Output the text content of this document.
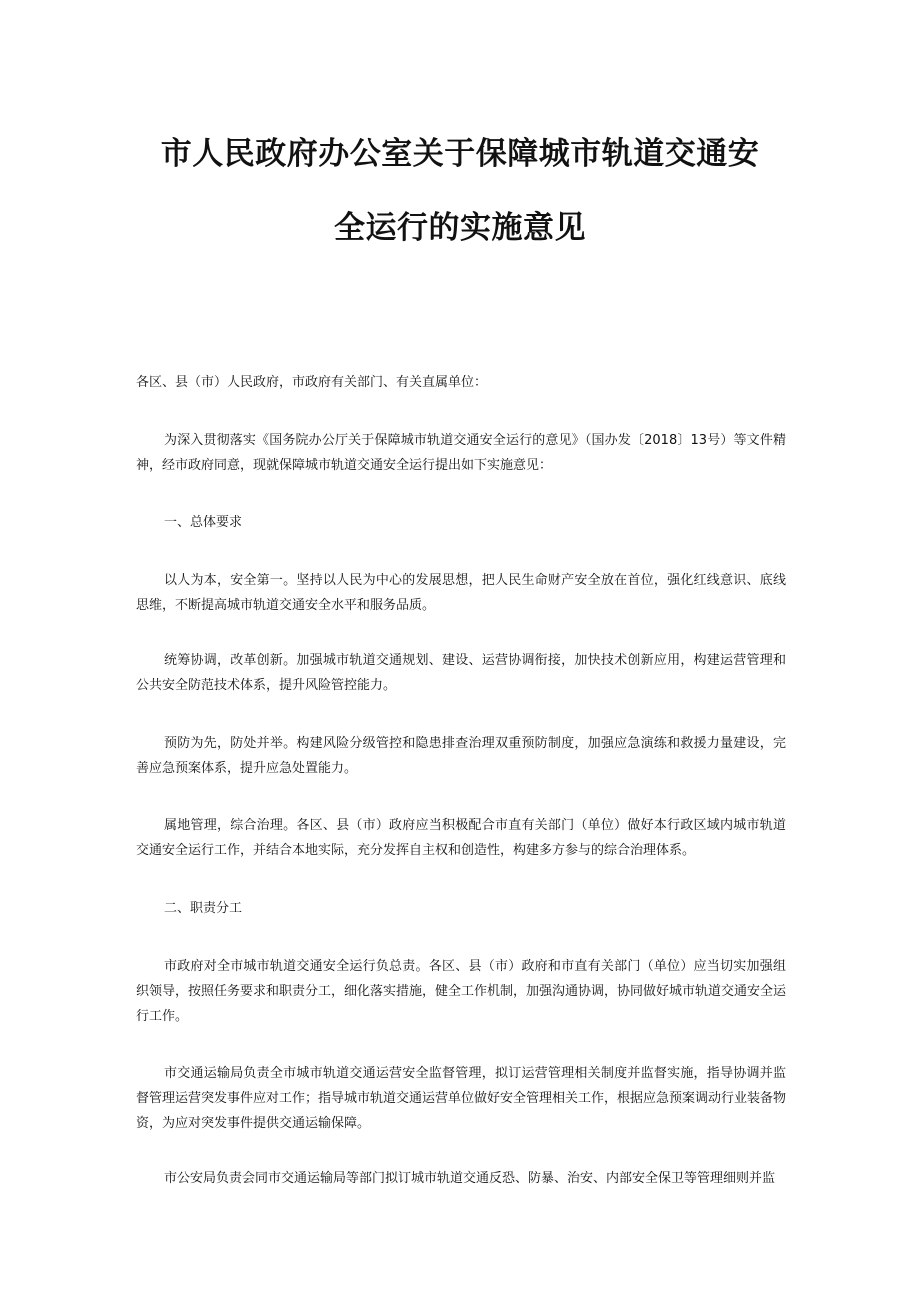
市人民政府办公室关于保障城市轨道交通安
全运行的实施意见

各区、县（市）人民政府，市政府有关部门、有关直属单位：

为深入贯彻落实《国务院办公厅关于保障城市轨道交通安全运行的意见》（国办发〔2018〕13号）等文件精神，经市政府同意，现就保障城市轨道交通安全运行提出如下实施意见：

一、总体要求

以人为本，安全第一。坚持以人民为中心的发展思想，把人民生命财产安全放在首位，强化红线意识、底线思维，不断提高城市轨道交通安全水平和服务品质。

统筹协调，改革创新。加强城市轨道交通规划、建设、运营协调衔接，加快技术创新应用，构建运营管理和公共安全防范技术体系，提升风险管控能力。

预防为先，防处并举。构建风险分级管控和隐患排查治理双重预防制度，加强应急演练和救援力量建设，完善应急预案体系，提升应急处置能力。

属地管理，综合治理。各区、县（市）政府应当积极配合市直有关部门（单位）做好本行政区域内城市轨道交通安全运行工作，并结合本地实际，充分发挥自主权和创造性，构建多方参与的综合治理体系。

二、职责分工

市政府对全市城市轨道交通安全运行负总责。各区、县（市）政府和市直有关部门（单位）应当切实加强组织领导，按照任务要求和职责分工，细化落实措施，健全工作机制，加强沟通协调，协同做好城市轨道交通安全运行工作。

市交通运输局负责全市城市轨道交通运营安全监督管理，拟订运营管理相关制度并监督实施，指导协调并监督管理运营突发事件应对工作；指导城市轨道交通运营单位做好安全管理相关工作，根据应急预案调动行业装备物资，为应对突发事件提供交通运输保障。

市公安局负责会同市交通运输局等部门拟订城市轨道交通反恐、防暴、治安、内部安全保卫等管理细则并监
